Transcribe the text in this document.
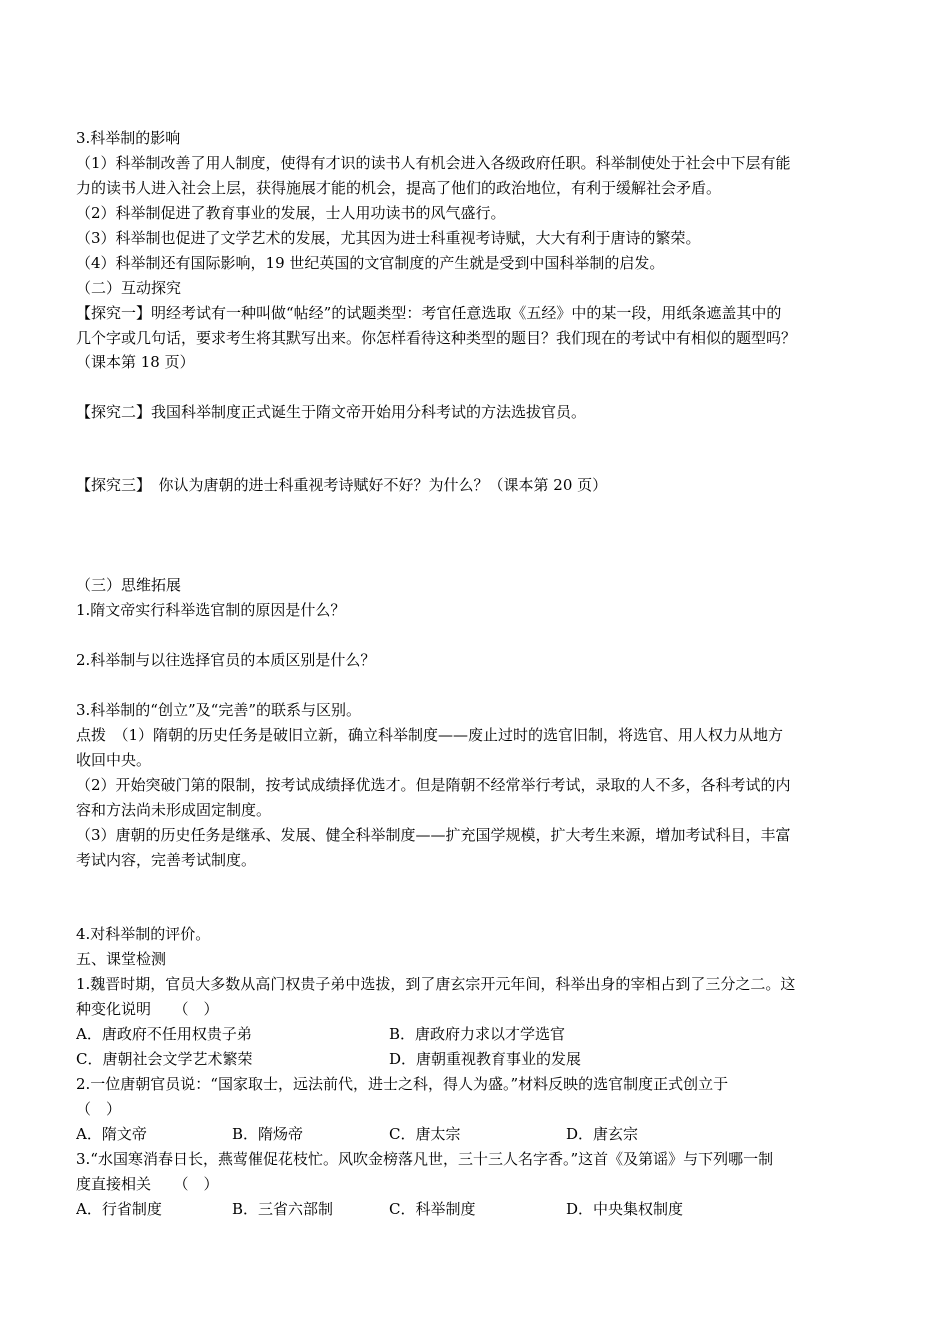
3.科举制的影响
（1）科举制改善了用人制度，使得有才识的读书人有机会进入各级政府任职。科举制使处于社会中下层有能
力的读书人进入社会上层，获得施展才能的机会，提高了他们的政治地位，有利于缓解社会矛盾。
（2）科举制促进了教育事业的发展，士人用功读书的风气盛行。
（3）科举制也促进了文学艺术的发展，尤其因为进士科重视考诗赋，大大有利于唐诗的繁荣。
（4）科举制还有国际影响，19 世纪英国的文官制度的产生就是受到中国科举制的启发。
（二）互动探究
【探究一】明经考试有一种叫做“帖经”的试题类型：考官任意选取《五经》中的某一段，用纸条遮盖其中的
几个字或几句话，要求考生将其默写出来。你怎样看待这种类型的题目？我们现在的考试中有相似的题型吗？
（课本第 18 页）
【探究二】我国科举制度正式诞生于隋文帝开始用分科考试的方法选拔官员。
【探究三】　你认为唐朝的进士科重视考诗赋好不好？为什么？（课本第 20 页）
（三）思维拓展
1.隋文帝实行科举选官制的原因是什么？
2.科举制与以往选择官员的本质区别是什么？
3.科举制的“创立”及“完善”的联系与区别。
点拨　（1）隋朝的历史任务是破旧立新，确立科举制度——废止过时的选官旧制，将选官、用人权力从地方
收回中央。
（2）开始突破门第的限制，按考试成绩择优选才。但是隋朝不经常举行考试，录取的人不多，各科考试的内
容和方法尚未形成固定制度。
（3）唐朝的历史任务是继承、发展、健全科举制度——扩充国学规模，扩大考生来源，增加考试科目，丰富
考试内容，完善考试制度。
4.对科举制的评价。
五、课堂检测
1.魏晋时期，官员大多数从高门权贵子弟中选拔，到了唐玄宗开元年间，科举出身的宰相占到了三分之二。这
种变化说明　　（　）
A．唐政府不任用权贵子弟	B．唐政府力求以才学选官
C．唐朝社会文学艺术繁荣	D．唐朝重视教育事业的发展
2.一位唐朝官员说：“国家取士，远法前代，进士之科，得人为盛。”材料反映的选官制度正式创立于
（　）
A．隋文帝	B．隋炀帝	C．唐太宗	D．唐玄宗
3.“水国寒消春日长，燕莺催促花枝忙。风吹金榜落凡世，三十三人名字香。”这首《及第谣》与下列哪一制
度直接相关　　（　）
A．行省制度	B．三省六部制	C．科举制度	D．中央集权制度
